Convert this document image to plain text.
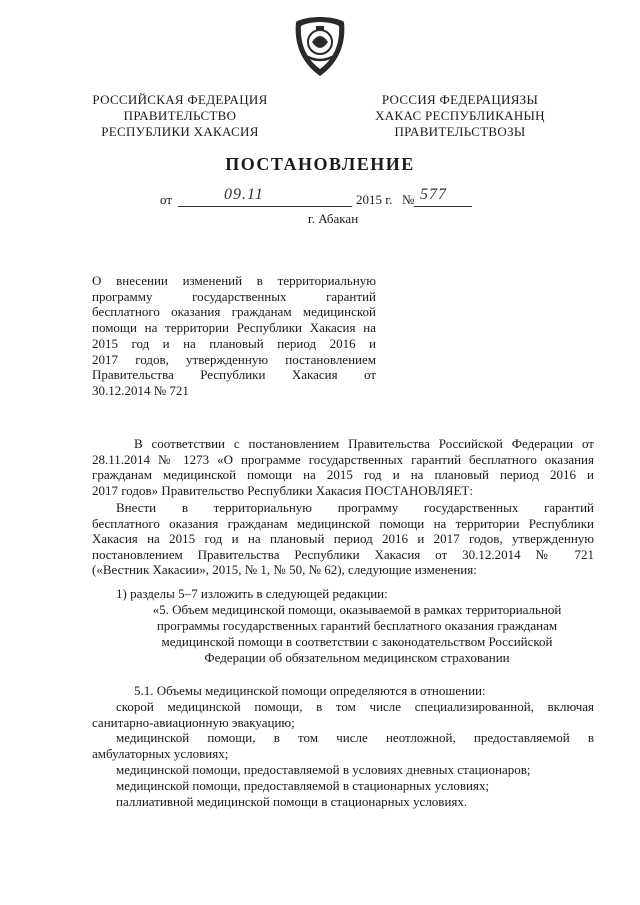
РОССИЙСКАЯ ФЕДЕРАЦИЯ
ПРАВИТЕЛЬСТВО
РЕСПУБЛИКИ ХАКАСИЯ
РОССИЯ ФЕДЕРАЦИЯЗЫ
ХАКАС РЕСПУБЛИКАНЫҢ
ПРАВИТЕЛЬСТВОЗЫ
ПОСТАНОВЛЕНИЕ
от	09.11	2015 г. № 577
г. Абакан
О внесении изменений в территориальную
программу государственных гарантий
бесплатного оказания гражданам медицинской
помощи на территории Республики Хакасия на
2015 год и на плановый период 2016 и
2017 годов, утвержденную постановлением
Правительства Республики Хакасия от
30.12.2014 № 721
В соответствии с постановлением Правительства Российской Федерации от
28.11.2014 № 1273 «О программе государственных гарантий бесплатного оказания
гражданам медицинской помощи на 2015 год и на плановый период 2016 и
2017 годов» Правительство Республики Хакасия ПОСТАНОВЛЯЕТ:
Внести в территориальную программу государственных гарантий
бесплатного оказания гражданам медицинской помощи на территории Республики
Хакасия на 2015 год и на плановый период 2016 и 2017 годов, утвержденную
постановлением Правительства Республики Хакасия от 30.12.2014 № 721
(«Вестник Хакасии», 2015, № 1, № 50, № 62), следующие изменения:
1) разделы 5–7 изложить в следующей редакции:
«5. Объем медицинской помощи, оказываемой в рамках территориальной
программы государственных гарантий бесплатного оказания гражданам
медицинской помощи в соответствии с законодательством Российской
Федерации об обязательном медицинском страховании
5.1. Объемы медицинской помощи определяются в отношении:
скорой медицинской помощи, в том числе специализированной, включая
санитарно-авиационную эвакуацию;
медицинской помощи, в том числе неотложной, предоставляемой в
амбулаторных условиях;
медицинской помощи, предоставляемой в условиях дневных стационаров;
медицинской помощи, предоставляемой в стационарных условиях;
паллиативной медицинской помощи в стационарных условиях.
